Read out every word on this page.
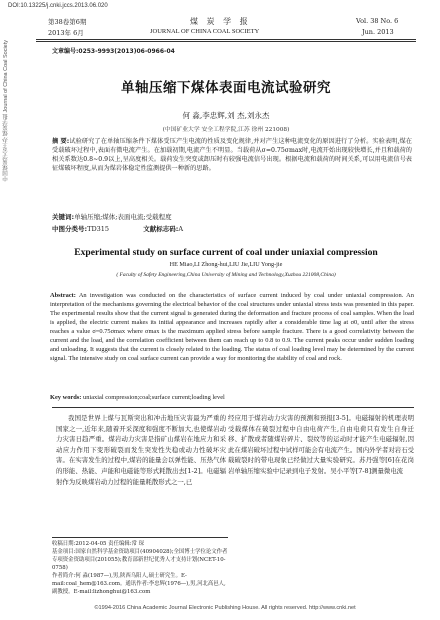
中国煤炭学会主办 煤炭学报 Journal of China Coal Society
DOI:10.13225/j.cnki.jccs.2013.06.020
第38卷第6期	煤 炭 学 报	Vol. 38 No. 6
2013年 6月	JOURNAL OF CHINA COAL SOCIETY	Jun. 2013
文章编号:0253-9993(2013)06-0966-04
单轴压缩下煤体表面电流试验研究
何 淼,李忠辉,刘 杰,刘永杰
(中国矿业大学 安全工程学院,江苏 徐州 221008)
摘 要:试验研究了在单轴压缩条件下煤体受压产生电流的性质及变化规律,并对产生这种电流变化的原因进行了分析。实验表明,煤在受载破坏过程中,表面有微电流产生。在加载初期,电流产生不明显。当载荷从σ=0.75σmax时,电流开始出现较快增长,并且和载荷的相关系数达0.8~0.9以上,呈高度相关。载荷发生突变或卸压时有较强电流信号出现。根据电流和载荷的时间关系,可以用电流信号表征煤破坏程度,从而为煤岩体稳定性监测提供一种新的思路。
关键词:单轴压缩;煤体;表面电流;受载程度
中图分类号:TD315	文献标志码:A
Experimental study on surface current of coal under uniaxial compression
HE Miao,LI Zhong-hui,LIU Jie,LIU Yong-jie
( Faculty of Safety Engineering,China University of Mining and Technology,Xuzhou 221008,China)
Abstract: An investigation was conducted on the characteristics of surface current induced by coal under uniaxial compression. An interpretation of the mechanisms governing the electrical behavior of the coal structures under uniaxial stress tests was presented in this paper. The experimental results show that the current signal is generated during the deformation and fracture process of coal samples. When the load is applied, the electric current makes its initial appearance and increases rapidly after a considerable time lag at σ0, until after the stress reaches a value σ=0.75σmax where σmax is the maximum applied stress before sample fracture. There is a good correlativity between the current and the load, and the correlation coefficient between them can reach up to 0.8 to 0.9. The current peaks occur under sudden loading and unloading. It suggests that the current is closely related to the loading. The status of coal loading level may be determined by the current signal. The intensive study on coal surface current can provide a way for monitoring the stability of coal and rock.
Key words: uniaxial compression;coal;surface current;loading level
我国是世界上煤与瓦斯突出和冲击地压灾害最为严重的国家之一,近年来,随着开采深度和强度不断加大,也使煤岩动力灾害日趋严重。煤岩动力灾害是指矿山煤岩在地应力和采动应力作用下变形破裂而发生突发性失稳或动力性破坏灾害。在实害发生的过程中,煤岩的能量会以弹性能、压热气体的形能、热能、声能和电磁能等形式耗散出去[1-2]。电磁辐射作为反映煤岩动力过程的能量耗散形式之一,已
经应用于煤岩动力灾害的预测和预报[3-5]。电磁辐射的机理表明受载煤体在破裂过程中自由电荷产生,自由电荷只有发生自身迁移、扩散或者随煤岩碎片、裂纹等的运动时才能产生电磁辐射,因此在煤岩破坏过程中试样可能会有电流产生。国内外学者对岩石受载破裂时的带电现象已经做过大量实验研究。苏丹强等[6]在花岗岩单轴压缩实验中记录到电子发射。吴小平等[7-8]测量微电流
收稿日期:2012-04-05 责任编辑:常 琛
基金项目:国家自然科学基金资助项目(40904028);全国博士学位论文作者专项资金资助项目(201055);教育部新世纪优秀人才支持计划(NCET-10-0758)
作者简介:何 淼(1987—),男,陕西乌阳人,硕士研究生。E-mail:coal_hem@163.com。通讯作者:李忠辉(1976—),男,河北高邑人,副教授。E-mail:lizhonghui@163.com
©1994-2016 China Academic Journal Electronic Publishing House. All rights reserved. http://www.cnki.net
